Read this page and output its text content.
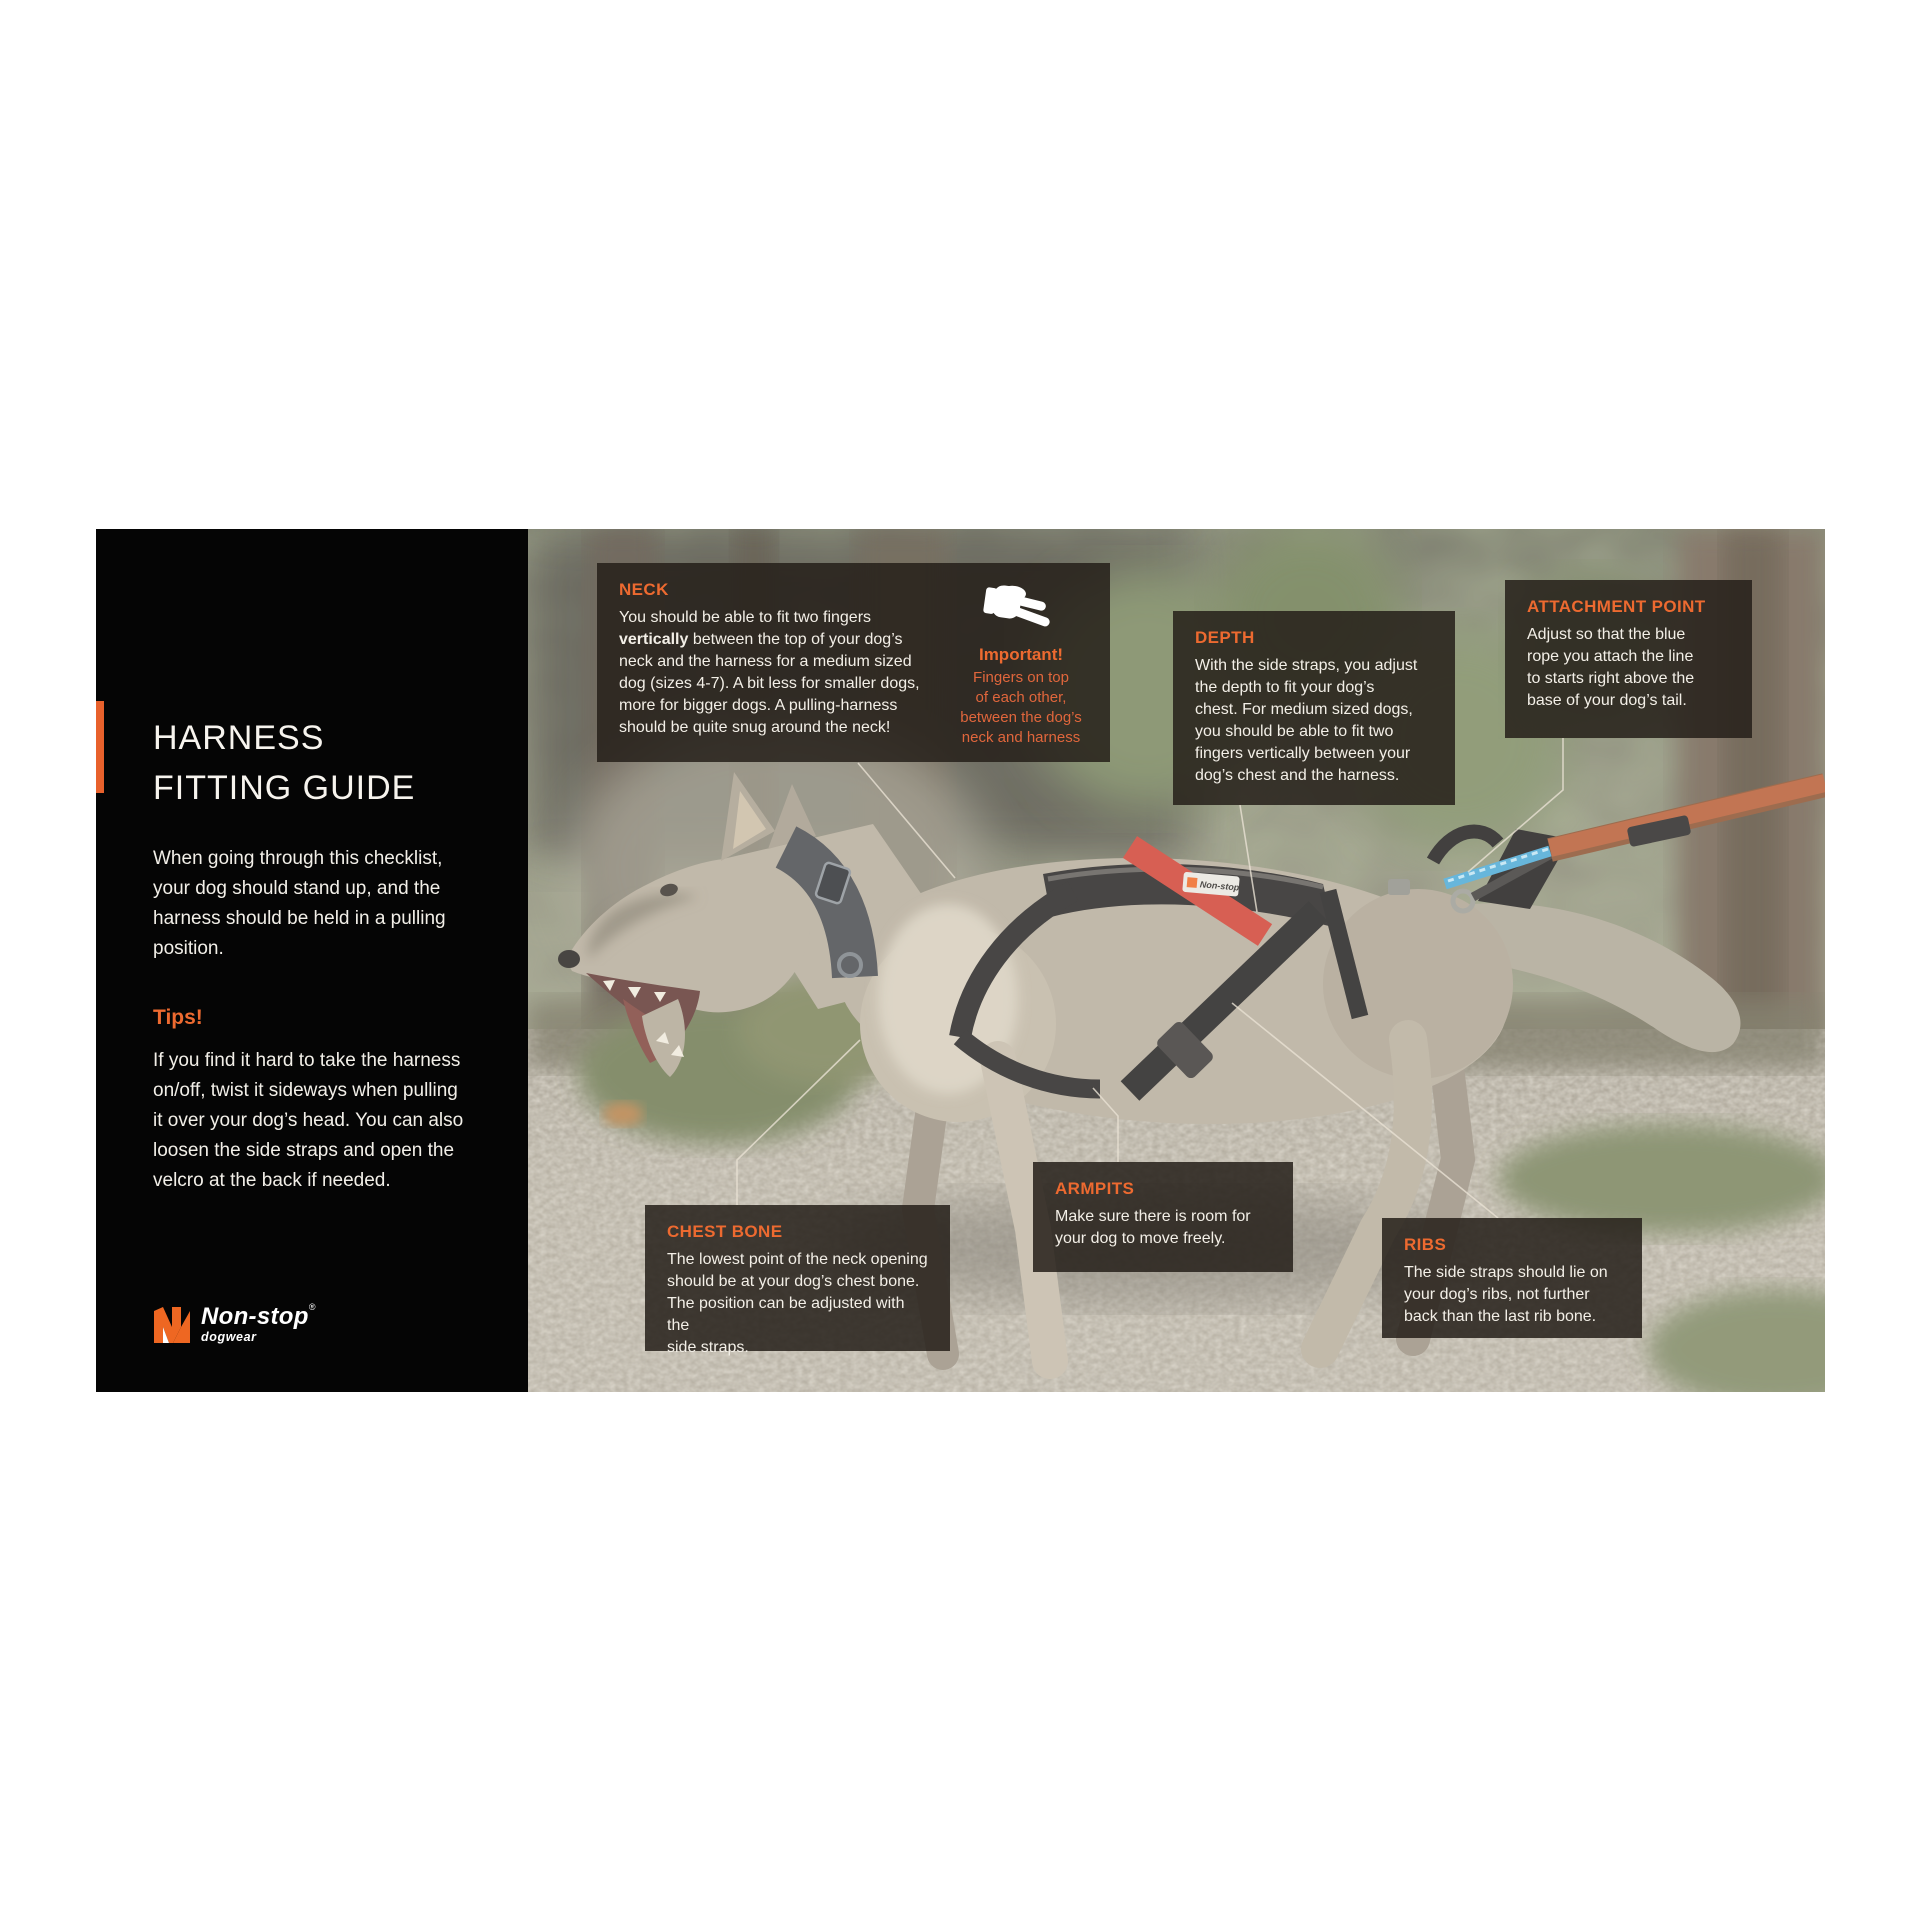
HARNESS
FITTING GUIDE

When going through this checklist,
your dog should stand up, and the
harness should be held in a pulling
position.

Tips!

If you find it hard to take the harness
on/off, twist it sideways when pulling
it over your dog’s head. You can also
loosen the side straps and open the
velcro at the back if needed.

Non-stop®
dogwear
Non-stop
NECK
You should be able to fit two fingers
vertically between the top of your dog’s
neck and the harness for a medium sized
dog (sizes 4-7). A bit less for smaller dogs,
more for bigger dogs. A pulling-harness
should be quite snug around the neck!
Important!
Fingers on top
of each other,
between the dog’s
neck and harness
DEPTH
With the side straps, you adjust
the depth to fit your dog’s
chest. For medium sized dogs,
you should be able to fit two
fingers vertically between your
dog’s chest and the harness.
ATTACHMENT POINT
Adjust so that the blue
rope you attach the line
to starts right above the
base of your dog’s tail.
CHEST BONE
The lowest point of the neck opening
should be at your dog’s chest bone.
The position can be adjusted with the
side straps.
ARMPITS
Make sure there is room for
your dog to move freely.	RIBS
The side straps should lie on
your dog’s ribs, not further
back than the last rib bone.
